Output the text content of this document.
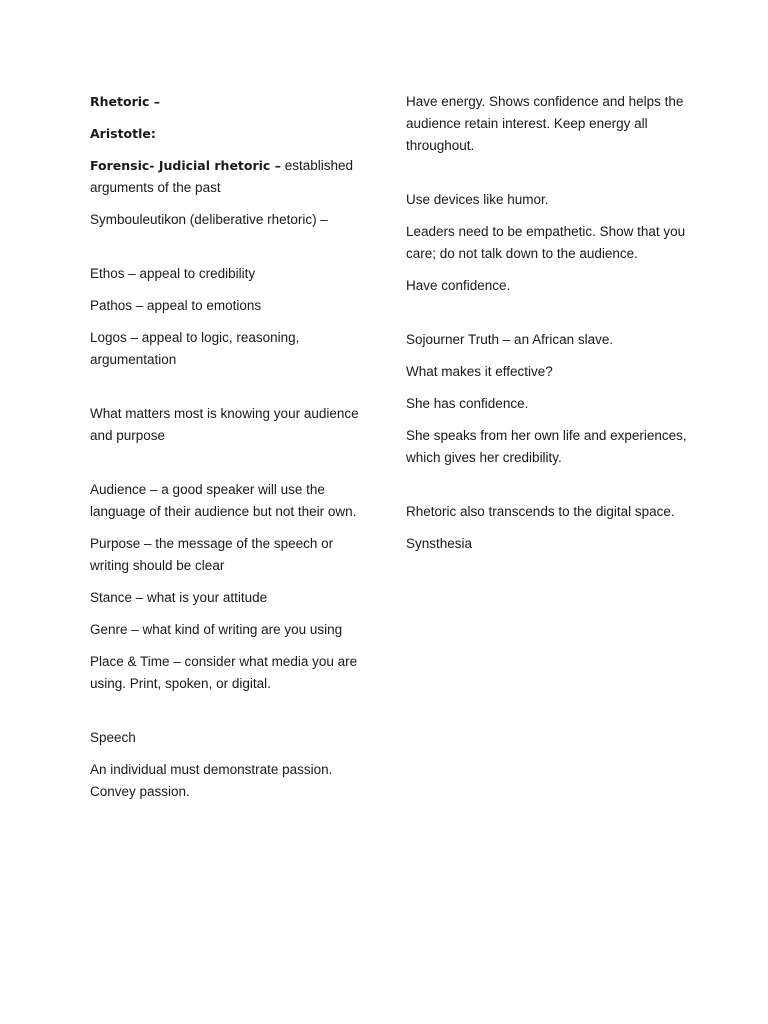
Rhetoric –

Aristotle:

Forensic- Judicial rhetoric – established arguments of the past

Symbouleutikon (deliberative rhetoric) –

Ethos – appeal to credibility

Pathos – appeal to emotions

Logos – appeal to logic, reasoning, argumentation

What matters most is knowing your audience and purpose

Audience – a good speaker will use the language of their audience but not their own.

Purpose – the message of the speech or writing should be clear

Stance – what is your attitude

Genre – what kind of writing are you using

Place & Time – consider what media you are using. Print, spoken, or digital.

Speech

An individual must demonstrate passion. Convey passion.

Have energy. Shows confidence and helps the audience retain interest. Keep energy all throughout.

Use devices like humor.

Leaders need to be empathetic. Show that you care; do not talk down to the audience.

Have confidence.

Sojourner Truth – an African slave.

What makes it effective?

She has confidence.

She speaks from her own life and experiences, which gives her credibility.

Rhetoric also transcends to the digital space.

Synsthesia
